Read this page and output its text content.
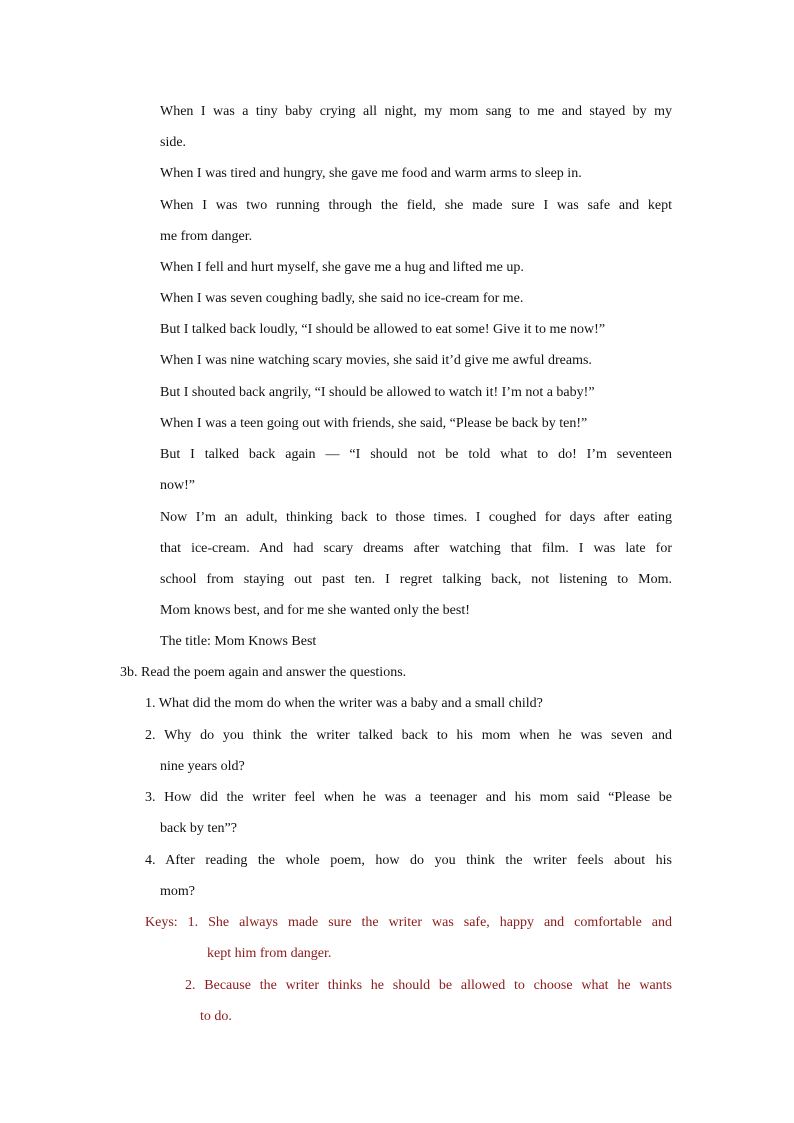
When I was a tiny baby crying all night, my mom sang to me and stayed by my
side.
When I was tired and hungry, she gave me food and warm arms to sleep in.
When I was two running through the field, she made sure I was safe and kept
me from danger.
When I fell and hurt myself, she gave me a hug and lifted me up.
When I was seven coughing badly, she said no ice-cream for me.
But I talked back loudly, “I should be allowed to eat some! Give it to me now!”
When I was nine watching scary movies, she said it’d give me awful dreams.
But I shouted back angrily, “I should be allowed to watch it! I’m not a baby!”
When I was a teen going out with friends, she said, “Please be back by ten!”
But I talked back again — “I should not be told what to do! I’m seventeen
now!”
Now I’m an adult, thinking back to those times. I coughed for days after eating
that ice-cream. And had scary dreams after watching that film. I was late for
school from staying out past ten. I regret talking back, not listening to Mom.
Mom knows best, and for me she wanted only the best!
The title: Mom Knows Best
3b. Read the poem again and answer the questions.
1. What did the mom do when the writer was a baby and a small child?
2. Why do you think the writer talked back to his mom when he was seven and
nine years old?
3. How did the writer feel when he was a teenager and his mom said “Please be
back by ten”?
4. After reading the whole poem, how do you think the writer feels about his
mom?
Keys: 1. She always made sure the writer was safe, happy and comfortable and
kept him from danger.
2. Because the writer thinks he should be allowed to choose what he wants
to do.
